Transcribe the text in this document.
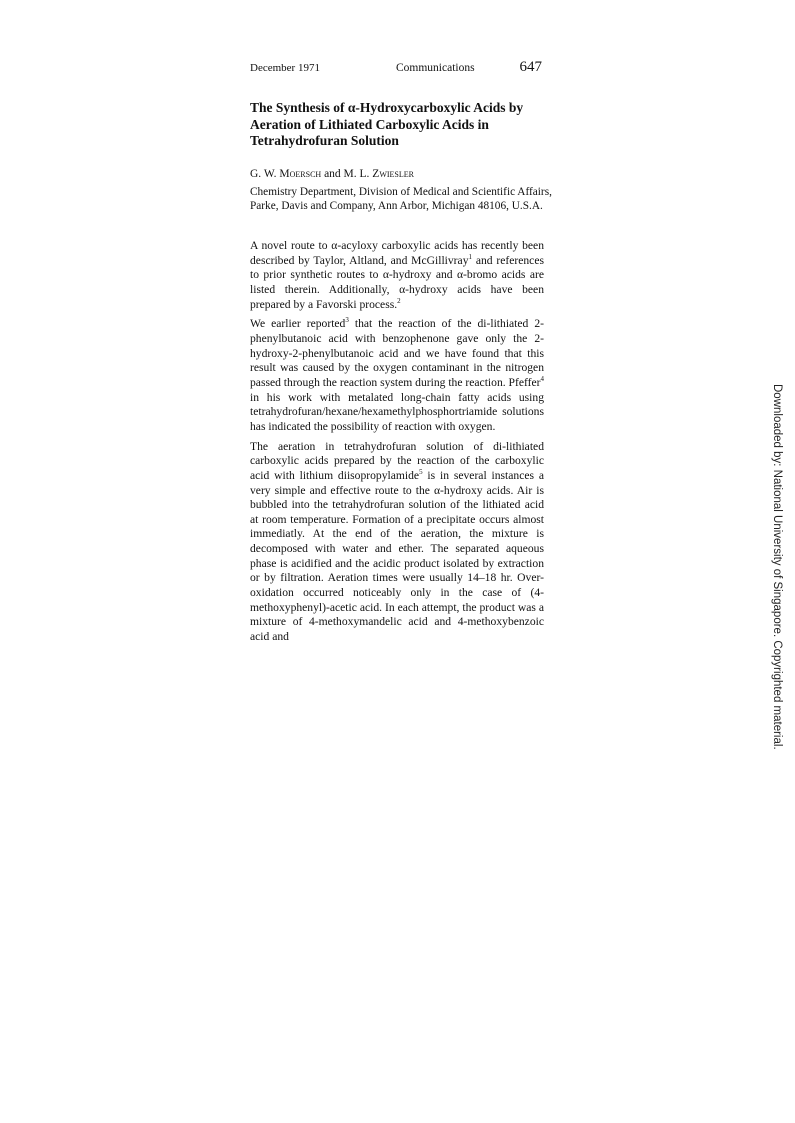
December 1971	Communications	647
The Synthesis of α-Hydroxycarboxylic Acids by Aeration of Lithiated Carboxylic Acids in Tetrahydrofuran Solution
G. W. Moersch and M. L. Zwiesler
Chemistry Department, Division of Medical and Scientific Affairs, Parke, Davis and Company, Ann Arbor, Michigan 48106, U.S.A.

A novel route to α-acyloxy carboxylic acids has recently been described by Taylor, Altland, and McGillivray$^1$ and references to prior synthetic routes to α-hydroxy and α-bromo acids are listed therein. Additionally, α-hydroxy acids have been prepared by a Favorski process.$^2$

We earlier reported$^3$ that the reaction of the di-lithiated 2-phenylbutanoic acid with benzophenone gave only the 2-hydroxy-2-phenylbutanoic acid and we have found that this result was caused by the oxygen contaminant in the nitrogen passed through the reaction system during the reaction. Pfeffer$^4$ in his work with metalated long-chain fatty acids using tetrahydrofuran/hexane/hexamethylphosphortriamide solutions has indicated the possibility of reaction with oxygen.

The aeration in tetrahydrofuran solution of di-lithiated carboxylic acids prepared by the reaction of the carboxylic acid with lithium diisopropylamide$^5$ is in several instances a very simple and effective route to the α-hydroxy acids. Air is bubbled into the tetrahydrofuran solution of the lithiated acid at room temperature. Formation of a precipitate occurs almost immediatly. At the end of the aeration, the mixture is decomposed with water and ether. The separated aqueous phase is acidified and the acidic product isolated by extraction or by filtration. Aeration times were usually 14–18 hr. Over-oxidation occurred noticeably only in the case of (4-methoxyphenyl)-acetic acid. In each attempt, the product was a mixture of 4-methoxymandelic acid and 4-methoxybenzoic acid and	Downloaded by: National University of Singapore. Copyrighted material.
